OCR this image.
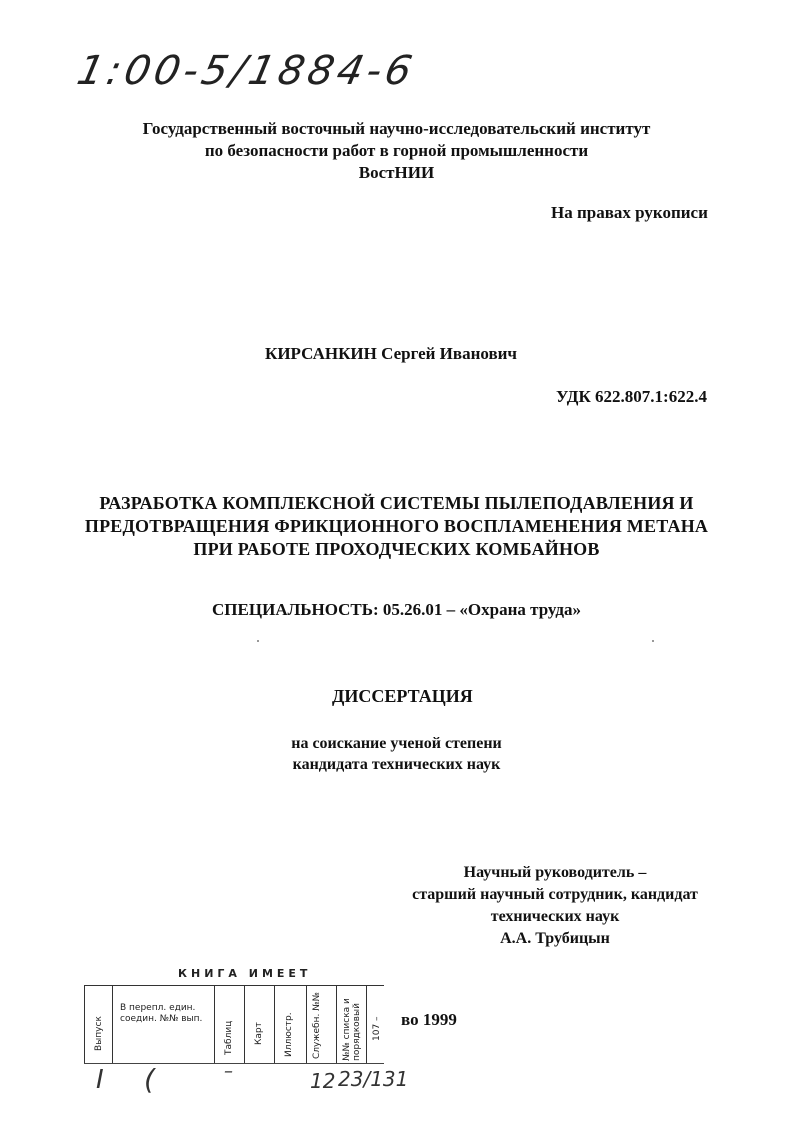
1:00-5/1884-6
Государственный восточный научно-исследовательский институт
по безопасности работ в горной промышленности
ВостНИИ
На правах рукописи
КИРСАНКИН Сергей Иванович
УДК 622.807.1:622.4
РАЗРАБОТКА КОМПЛЕКСНОЙ СИСТЕМЫ ПЫЛЕПОДАВЛЕНИЯ И
ПРЕДОТВРАЩЕНИЯ ФРИКЦИОННОГО ВОСПЛАМЕНЕНИЯ МЕТАНА
ПРИ РАБОТЕ ПРОХОДЧЕСКИХ КОМБАЙНОВ
СПЕЦИАЛЬНОСТЬ: 05.26.01 – «Охрана труда»
ДИССЕРТАЦИЯ
на соискание ученой степени
кандидата технических наук
Научный руководитель –
старший научный сотрудник, кандидат
технических наук
А.А. Трубицын
во 1999
КНИГА ИМЕЕТ
Выпуск
В перепл. един. соедин. №№ вып.
Таблиц Карт Иллюстр. Служебн. №№ №№ списка и порядковый 107 –
I (	–	12 23/131
